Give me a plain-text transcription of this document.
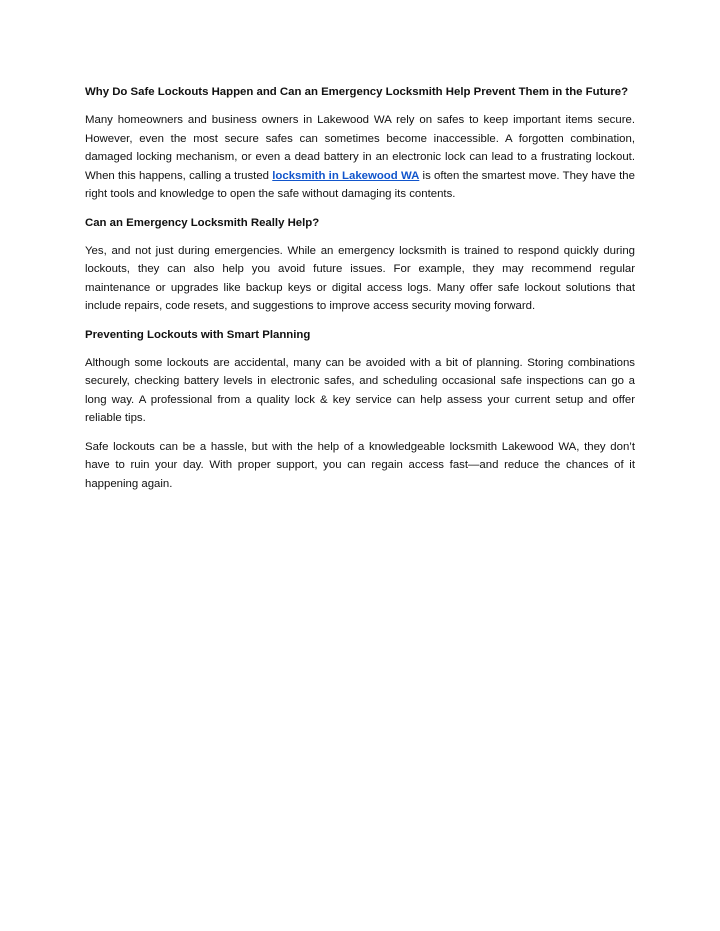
Why Do Safe Lockouts Happen and Can an Emergency Locksmith Help Prevent Them in the Future?

Many homeowners and business owners in Lakewood WA rely on safes to keep important items secure. However, even the most secure safes can sometimes become inaccessible. A forgotten combination, damaged locking mechanism, or even a dead battery in an electronic lock can lead to a frustrating lockout. When this happens, calling a trusted locksmith in Lakewood WA is often the smartest move. They have the right tools and knowledge to open the safe without damaging its contents.

Can an Emergency Locksmith Really Help?

Yes, and not just during emergencies. While an emergency locksmith is trained to respond quickly during lockouts, they can also help you avoid future issues. For example, they may recommend regular maintenance or upgrades like backup keys or digital access logs. Many offer safe lockout solutions that include repairs, code resets, and suggestions to improve access security moving forward.

Preventing Lockouts with Smart Planning

Although some lockouts are accidental, many can be avoided with a bit of planning. Storing combinations securely, checking battery levels in electronic safes, and scheduling occasional safe inspections can go a long way. A professional from a quality lock & key service can help assess your current setup and offer reliable tips.

Safe lockouts can be a hassle, but with the help of a knowledgeable locksmith Lakewood WA, they don’t have to ruin your day. With proper support, you can regain access fast—and reduce the chances of it happening again.
